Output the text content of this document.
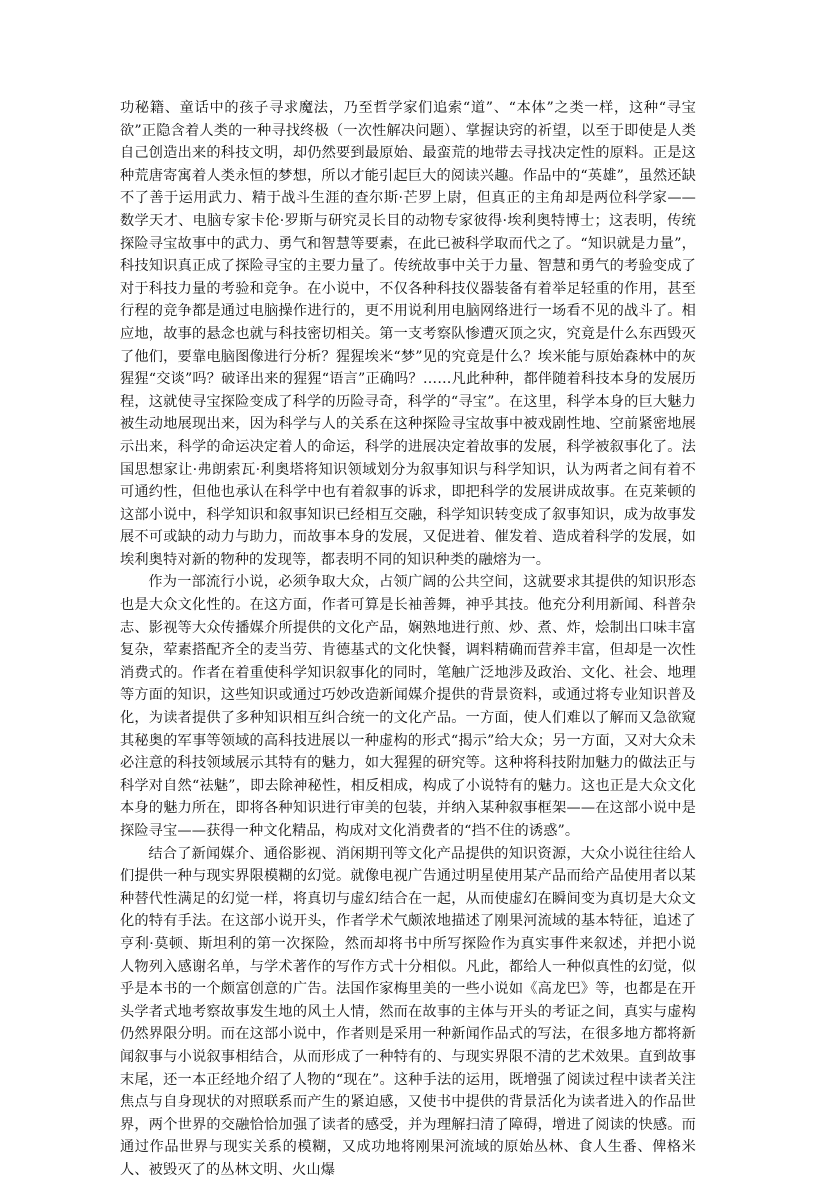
功秘籍、童话中的孩子寻求魔法，乃至哲学家们追索“道”、“本体”之类一样，这种“寻宝欲”正隐含着人类的一种寻找终极（一次性解决问题）、掌握诀窍的祈望，以至于即使是人类自己创造出来的科技文明，却仍然要到最原始、最蛮荒的地带去寻找决定性的原料。正是这种荒唐寄寓着人类永恒的梦想，所以才能引起巨大的阅读兴趣。作品中的“英雄”，虽然还缺不了善于运用武力、精于战斗生涯的查尔斯·芒罗上尉，但真正的主角却是两位科学家——数学天才、电脑专家卡伦·罗斯与研究灵长目的动物专家彼得·埃利奥特博士；这表明，传统探险寻宝故事中的武力、勇气和智慧等要素，在此已被科学取而代之了。“知识就是力量”，科技知识真正成了探险寻宝的主要力量了。传统故事中关于力量、智慧和勇气的考验变成了对于科技力量的考验和竞争。在小说中，不仅各种科技仪器装备有着举足轻重的作用，甚至行程的竞争都是通过电脑操作进行的，更不用说利用电脑网络进行一场看不见的战斗了。相应地，故事的悬念也就与科技密切相关。第一支考察队惨遭灭顶之灾，究竟是什么东西毁灭了他们，要靠电脑图像进行分析？猩猩埃米“梦”见的究竟是什么？埃米能与原始森林中的灰猩猩“交谈”吗？破译出来的猩猩“语言”正确吗？……凡此种种，都伴随着科技本身的发展历程，这就使寻宝探险变成了科学的历险寻奇，科学的“寻宝”。在这里，科学本身的巨大魅力被生动地展现出来，因为科学与人的关系在这种探险寻宝故事中被戏剧性地、空前紧密地展示出来，科学的命运决定着人的命运，科学的进展决定着故事的发展，科学被叙事化了。法国思想家让·弗朗索瓦·利奥塔将知识领域划分为叙事知识与科学知识，认为两者之间有着不可通约性，但他也承认在科学中也有着叙事的诉求，即把科学的发展讲成故事。在克莱顿的这部小说中，科学知识和叙事知识已经相互交融，科学知识转变成了叙事知识，成为故事发展不可或缺的动力与助力，而故事本身的发展，又促进着、催发着、造成着科学的发展，如埃利奥特对新的物种的发现等，都表明不同的知识种类的融熔为一。

作为一部流行小说，必须争取大众，占领广阔的公共空间，这就要求其提供的知识形态也是大众文化性的。在这方面，作者可算是长袖善舞，神乎其技。他充分利用新闻、科普杂志、影视等大众传播媒介所提供的文化产品，娴熟地进行煎、炒、煮、炸，烩制出口味丰富复杂，荤素搭配齐全的麦当劳、肯德基式的文化快餐，调料精确而营养丰富，但却是一次性消费式的。作者在着重使科学知识叙事化的同时，笔触广泛地涉及政治、文化、社会、地理等方面的知识，这些知识或通过巧妙改造新闻媒介提供的背景资料，或通过将专业知识普及化，为读者提供了多种知识相互纠合统一的文化产品。一方面，使人们难以了解而又急欲窥其秘奥的军事等领域的高科技进展以一种虚构的形式“揭示”给大众；另一方面，又对大众未必注意的科技领域展示其特有的魅力，如大猩猩的研究等。这种将科技附加魅力的做法正与科学对自然“祛魅”，即去除神秘性，相反相成，构成了小说特有的魅力。这也正是大众文化本身的魅力所在，即将各种知识进行审美的包装，并纳入某种叙事框架——在这部小说中是探险寻宝——获得一种文化精品，构成对文化消费者的“挡不住的诱惑”。

结合了新闻媒介、通俗影视、消闲期刊等文化产品提供的知识资源，大众小说往往给人们提供一种与现实界限模糊的幻觉。就像电视广告通过明星使用某产品而给产品使用者以某种替代性满足的幻觉一样，将真切与虚幻结合在一起，从而使虚幻在瞬间变为真切是大众文化的特有手法。在这部小说开头，作者学术气颇浓地描述了刚果河流域的基本特征，追述了亨利·莫顿、斯坦利的第一次探险，然而却将书中所写探险作为真实事件来叙述，并把小说人物列入感谢名单，与学术著作的写作方式十分相似。凡此，都给人一种似真性的幻觉，似乎是本书的一个颇富创意的广告。法国作家梅里美的一些小说如《高龙巴》等，也都是在开头学者式地考察故事发生地的风土人情，然而在故事的主体与开头的考证之间，真实与虚构仍然界限分明。而在这部小说中，作者则是采用一种新闻作品式的写法，在很多地方都将新闻叙事与小说叙事相结合，从而形成了一种特有的、与现实界限不清的艺术效果。直到故事末尾，还一本正经地介绍了人物的“现在”。这种手法的运用，既增强了阅读过程中读者关注焦点与自身现状的对照联系而产生的紧迫感，又使书中提供的背景活化为读者进入的作品世界，两个世界的交融恰恰加强了读者的感受，并为理解扫清了障碍，增进了阅读的快感。而通过作品世界与现实关系的模糊，又成功地将刚果河流域的原始丛林、食人生番、俾格米人、被毁灭了的丛林文明、火山爆
